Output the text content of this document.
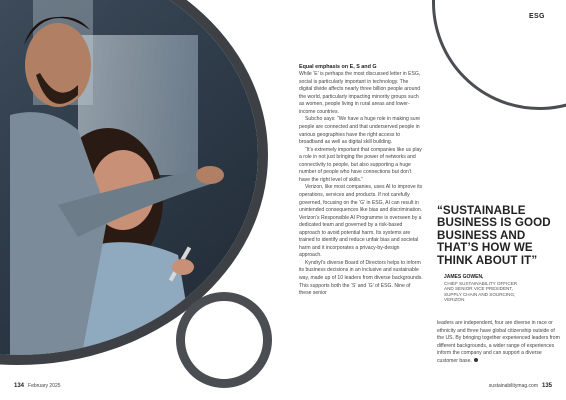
ESG
Equal emphasis on E, S and G

While ‘E’ is perhaps the most discussed letter in ESG, social is particularly important in technology. The digital divide affects nearly three billion people around the world, particularly impacting minority groups such as women, people living in rural areas and lower-income countries.

Subcho says: “We have a huge role in making sure people are connected and that underserved people in various geographies have the right access to broadband as well as digital skill building.

“It’s extremely important that companies like us play a role in not just bringing the power of networks and connectivity to people, but also supporting a huge number of people who have connections but don’t have the right level of skills.”

Verizon, like most companies, uses AI to improve its operations, services and products. If not carefully governed, focusing on the ‘G’ in ESG, AI can result in unintended consequences like bias and discrimination. Verizon’s Responsible AI Programme is overseen by a dedicated team and governed by a risk-based approach to avoid potential harm. Its systems are trained to identify and reduce unfair bias and societal harm and it incorporates a privacy-by-design approach.

Kyndryl’s diverse Board of Directors helps to inform its business decisions in an inclusive and sustainable way, made up of 10 leaders from diverse backgrounds. This supports both the ‘S’ and ‘G’ of ESG. Nine of these senior

“SUSTAINABLE BUSINESS IS GOOD BUSINESS AND THAT’S HOW WE THINK ABOUT IT”
JAMES GOWEN,
CHIEF SUSTAINABILITY OFFICER
AND SENIOR VICE PRESIDENT,
SUPPLY CHAIN AND SOURCING,
VERIZON
leaders are independent, four are diverse in race or ethnicity and three have global citizenship outside of the US. By bringing together experienced leaders from different backgrounds, a wider range of experiences inform the company and can support a diverse customer base.
134 February 2025	sustainabilitymag.com 135
